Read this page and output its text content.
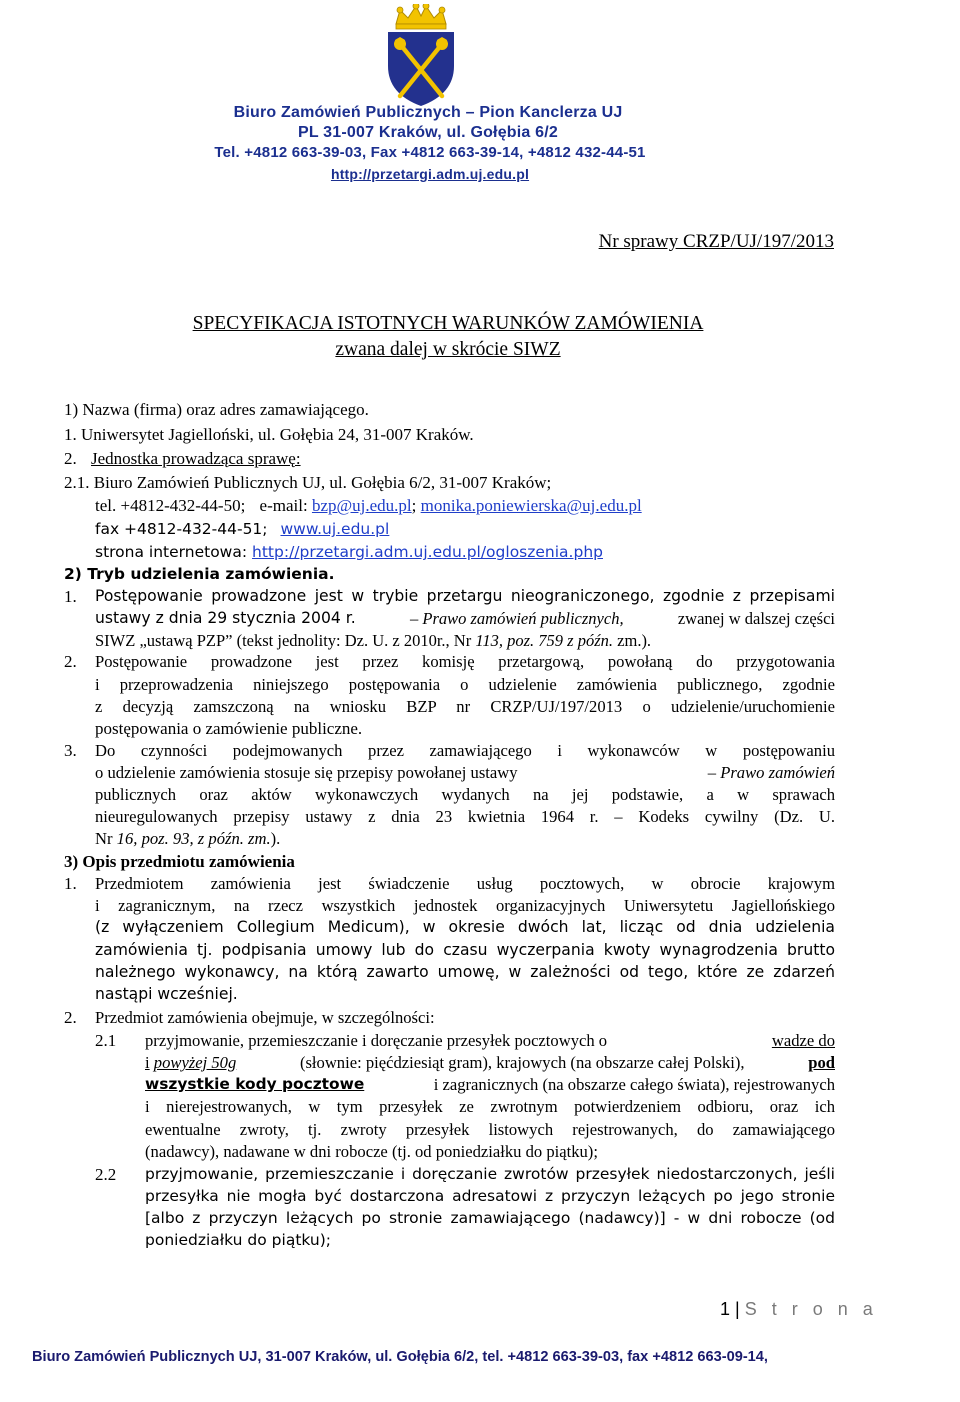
Biuro Zamówień Publicznych – Pion Kanclerza UJ
PL 31-007 Kraków, ul. Gołębia 6/2
Tel. +4812 663-39-03, Fax +4812 663-39-14, +4812 432-44-51
http://przetargi.adm.uj.edu.pl
Nr sprawy CRZP/UJ/197/2013
SPECYFIKACJA ISTOTNYCH WARUNKÓW ZAMÓWIENIA
zwana dalej w skrócie SIWZ
1) Nazwa (firma) oraz adres zamawiającego.
1. Uniwersytet Jagielloński, ul. Gołębia 24, 31-007 Kraków.
2. Jednostka prowadząca sprawę:
2.1. Biuro Zamówień Publicznych UJ, ul. Gołębia 6/2, 31-007 Kraków;
tel. +4812-432-44-50; e-mail: bzp@uj.edu.pl; monika.poniewierska@uj.edu.pl
fax +4812-432-44-51; www.uj.edu.pl
strona internetowa: http://przetargi.adm.uj.edu.pl/ogloszenia.php
2) Tryb udzielenia zamówienia.
1. Postępowanie prowadzone jest w trybie przetargu nieograniczonego, zgodnie z przepisami
ustawy z dnia 29 stycznia 2004 r.	– Prawo zamówień publicznych,	zwanej w dalszej części
SIWZ „ustawą PZP” (tekst jednolity: Dz. U. z 2010r., Nr 113, poz. 759 z późn. zm.).
2. Postępowanie prowadzone jest przez komisję przetargową, powołaną do przygotowania
i przeprowadzenia niniejszego postępowania o udzielenie zamówienia publicznego, zgodnie
z decyzją zamszczoną na wniosku BZP nr CRZP/UJ/197/2013 o udzielenie/uruchomienie
postępowania o zamówienie publiczne.
3. Do czynności podejmowanych przez zamawiającego i wykonawców w postępowaniu
o udzielenie zamówienia stosuje się przepisy powołanej ustawy	– Prawo zamówień
publicznych oraz aktów wykonawczych wydanych na jej podstawie, a w sprawach
nieuregulowanych przepisy ustawy z dnia 23 kwietnia 1964 r. – Kodeks cywilny (Dz. U.
Nr 16, poz. 93, z późn. zm.).
3) Opis przedmiotu zamówienia
1. Przedmiotem zamówienia jest świadczenie usług pocztowych, w obrocie krajowym
i zagranicznym, na rzecz wszystkich jednostek organizacyjnych Uniwersytetu Jagiellońskiego
(z wyłączeniem Collegium Medicum), w okresie dwóch lat, licząc od dnia udzielenia
zamówienia tj. podpisania umowy lub do czasu wyczerpania kwoty wynagrodzenia brutto
należnego wykonawcy, na którą zawarto umowę, w zależności od tego, które ze zdarzeń
nastąpi wcześniej.
2. Przedmiot zamówienia obejmuje, w szczególności:
2.1 przyjmowanie, przemieszczanie i doręczanie przesyłek pocztowych o	wadze do
i powyżej 50g	(słownie: pięćdziesiąt gram), krajowych (na obszarze całej Polski),	pod
wszystkie kody pocztowe	i zagranicznych (na obszarze całego świata), rejestrowanych
i nierejestrowanych, w tym przesyłek ze zwrotnym potwierdzeniem odbioru, oraz ich
ewentualne zwroty, tj. zwroty przesyłek listowych rejestrowanych, do zamawiającego
(nadawcy), nadawane w dni robocze (tj. od poniedziałku do piątku);
2.2 przyjmowanie, przemieszczanie i doręczanie zwrotów przesyłek niedostarczonych, jeśli
przesyłka nie mogła być dostarczona adresatowi z przyczyn leżących po jego stronie
[albo z przyczyn leżących po stronie zamawiającego (nadawcy)] - w dni robocze (od
poniedziałku do piątku);
1 | S t r o n a
Biuro Zamówień Publicznych UJ, 31-007 Kraków, ul. Gołębia 6/2, tel. +4812 663-39-03, fax +4812 663-09-14,
